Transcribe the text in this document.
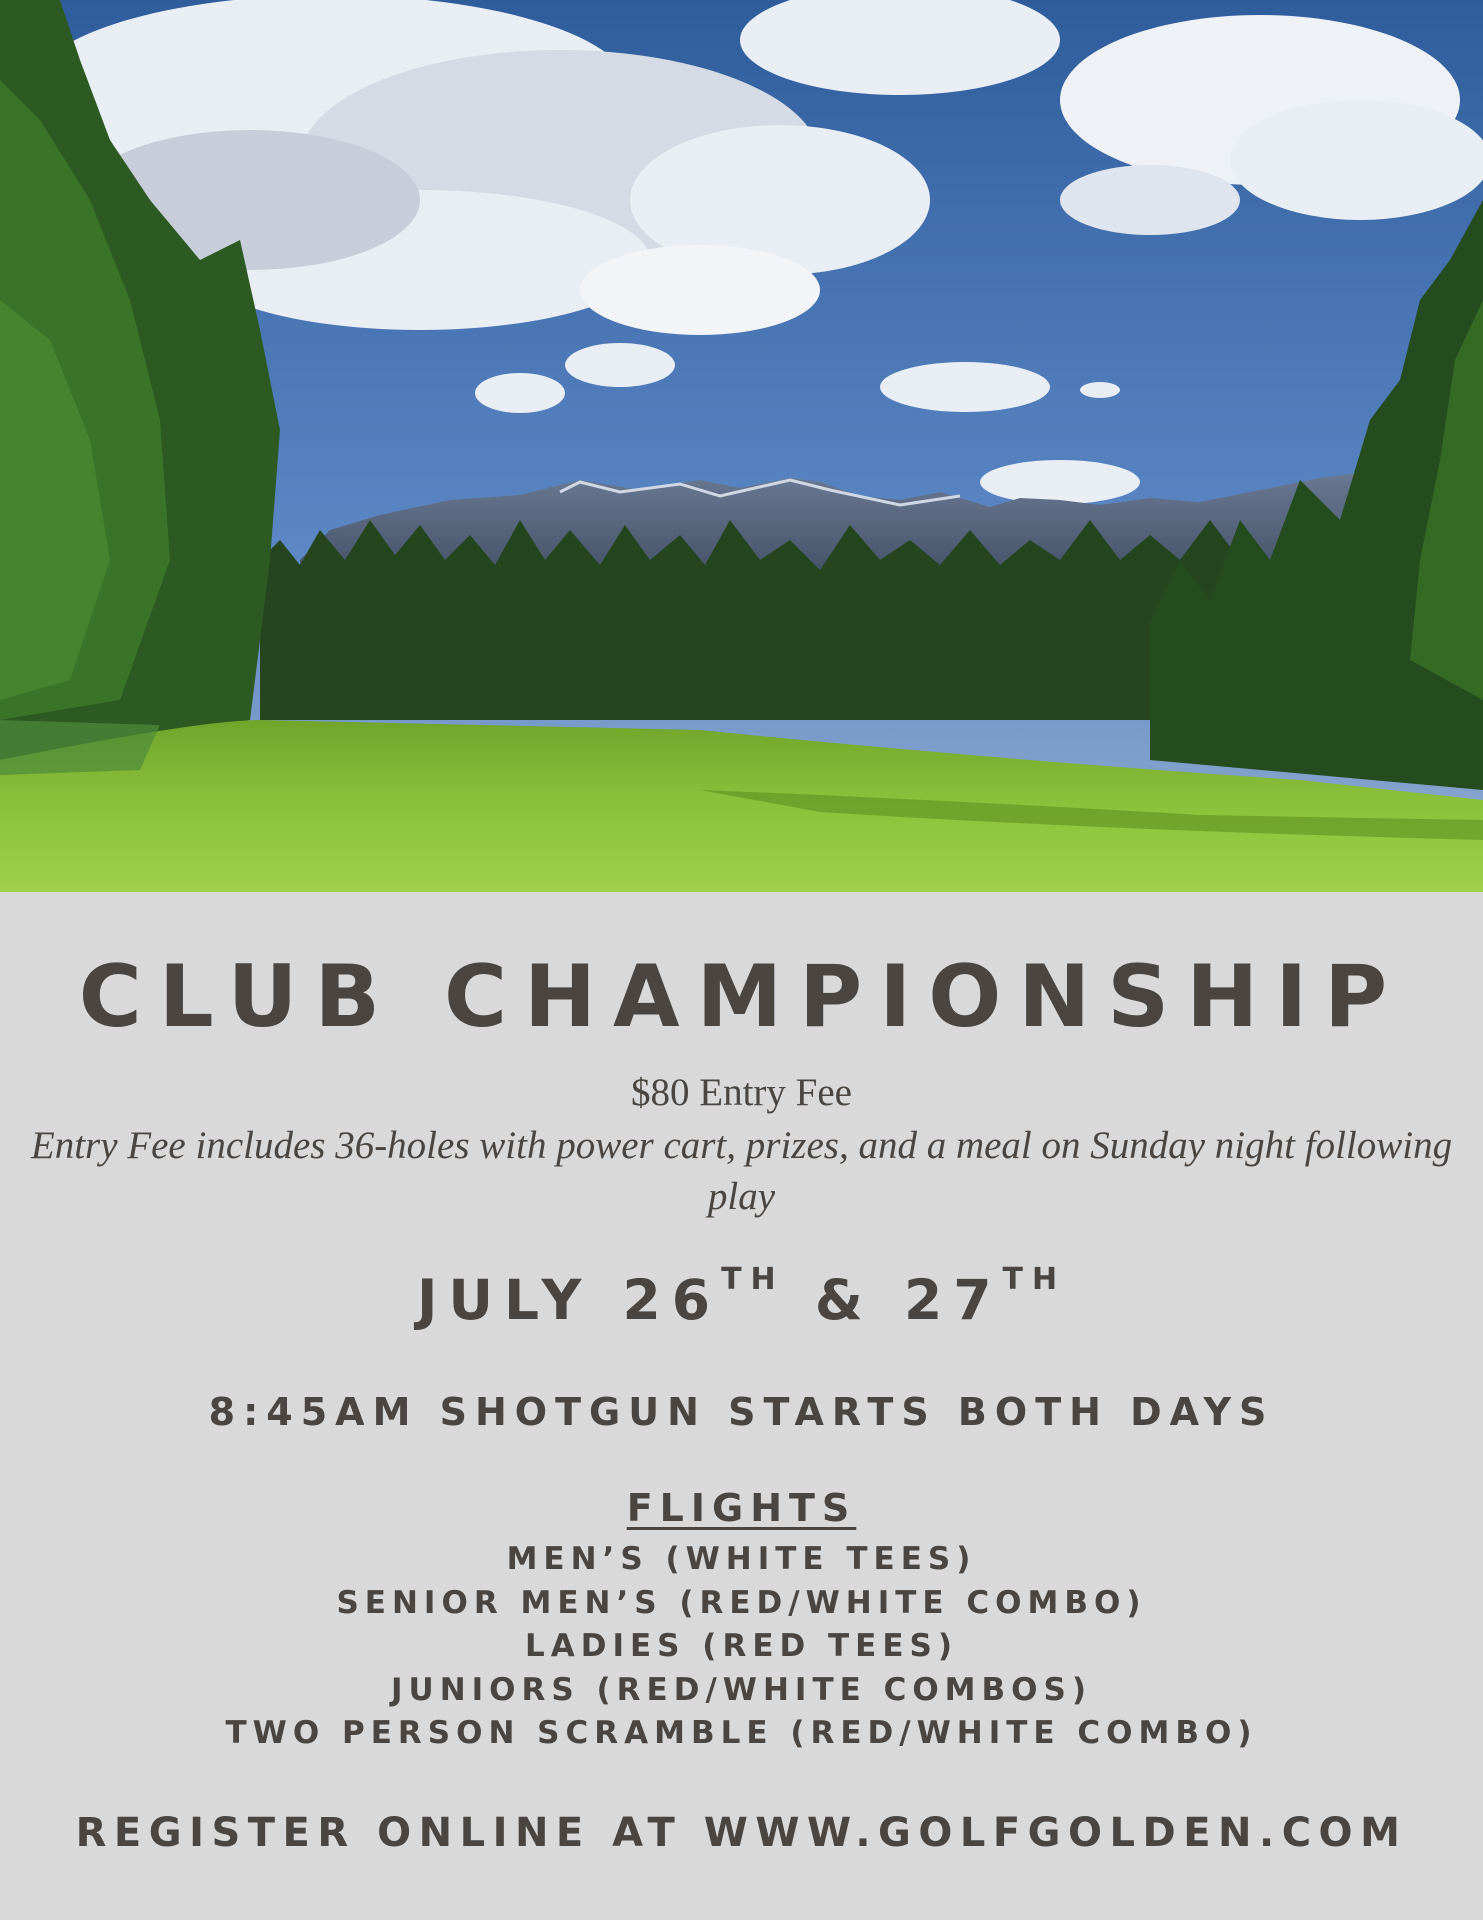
CLUB CHAMPIONSHIP
$80 Entry Fee
Entry Fee includes 36-holes with power cart, prizes, and a meal on Sunday night following play
JULY 26TH & 27TH
8:45AM SHOTGUN STARTS BOTH DAYS
FLIGHTS
MEN’S (WHITE TEES)
SENIOR MEN’S (RED/WHITE COMBO)
LADIES (RED TEES)
JUNIORS (RED/WHITE COMBOS)
TWO PERSON SCRAMBLE (RED/WHITE COMBO)
REGISTER ONLINE AT WWW.GOLFGOLDEN.COM
